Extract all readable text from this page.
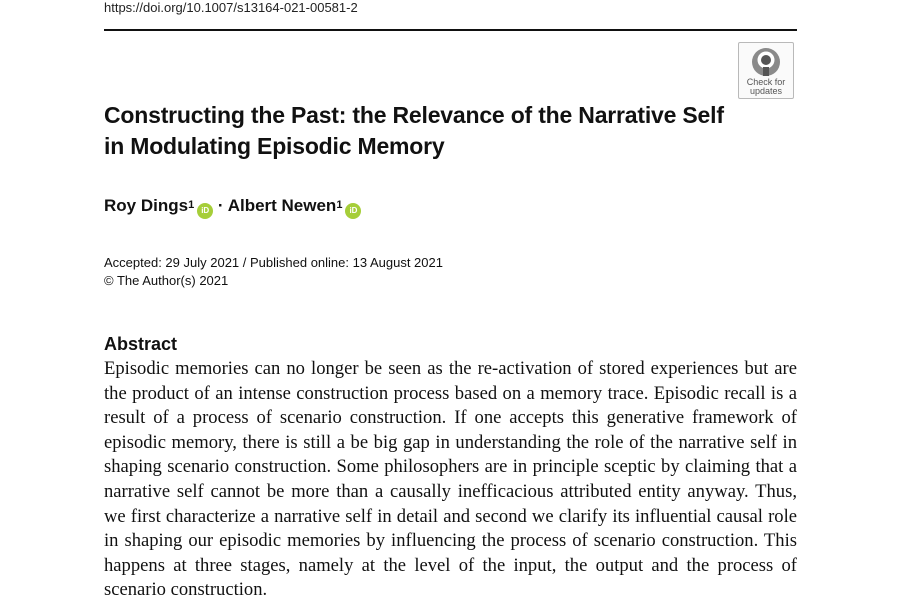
https://doi.org/10.1007/s13164-021-00581-2
Check for updates
Constructing the Past: the Relevance of the Narrative Self in Modulating Episodic Memory
Roy Dings$^1$ iD · Albert Newen$^1$ iD
Accepted: 29 July 2021 / Published online: 13 August 2021
© The Author(s) 2021
Abstract
Episodic memories can no longer be seen as the re-activation of stored experiences but are the product of an intense construction process based on a memory trace. Episodic recall is a result of a process of scenario construction. If one accepts this generative framework of episodic memory, there is still a be big gap in understanding the role of the narrative self in shaping scenario construction. Some philosophers are in principle sceptic by claiming that a narrative self cannot be more than a causally inefficacious attributed entity anyway. Thus, we first characterize a narrative self in detail and second we clarify its influential causal role in shaping our episodic memories by influencing the process of scenario construction. This happens at three stages, namely at the level of the input, the output and the process of scenario construction.
